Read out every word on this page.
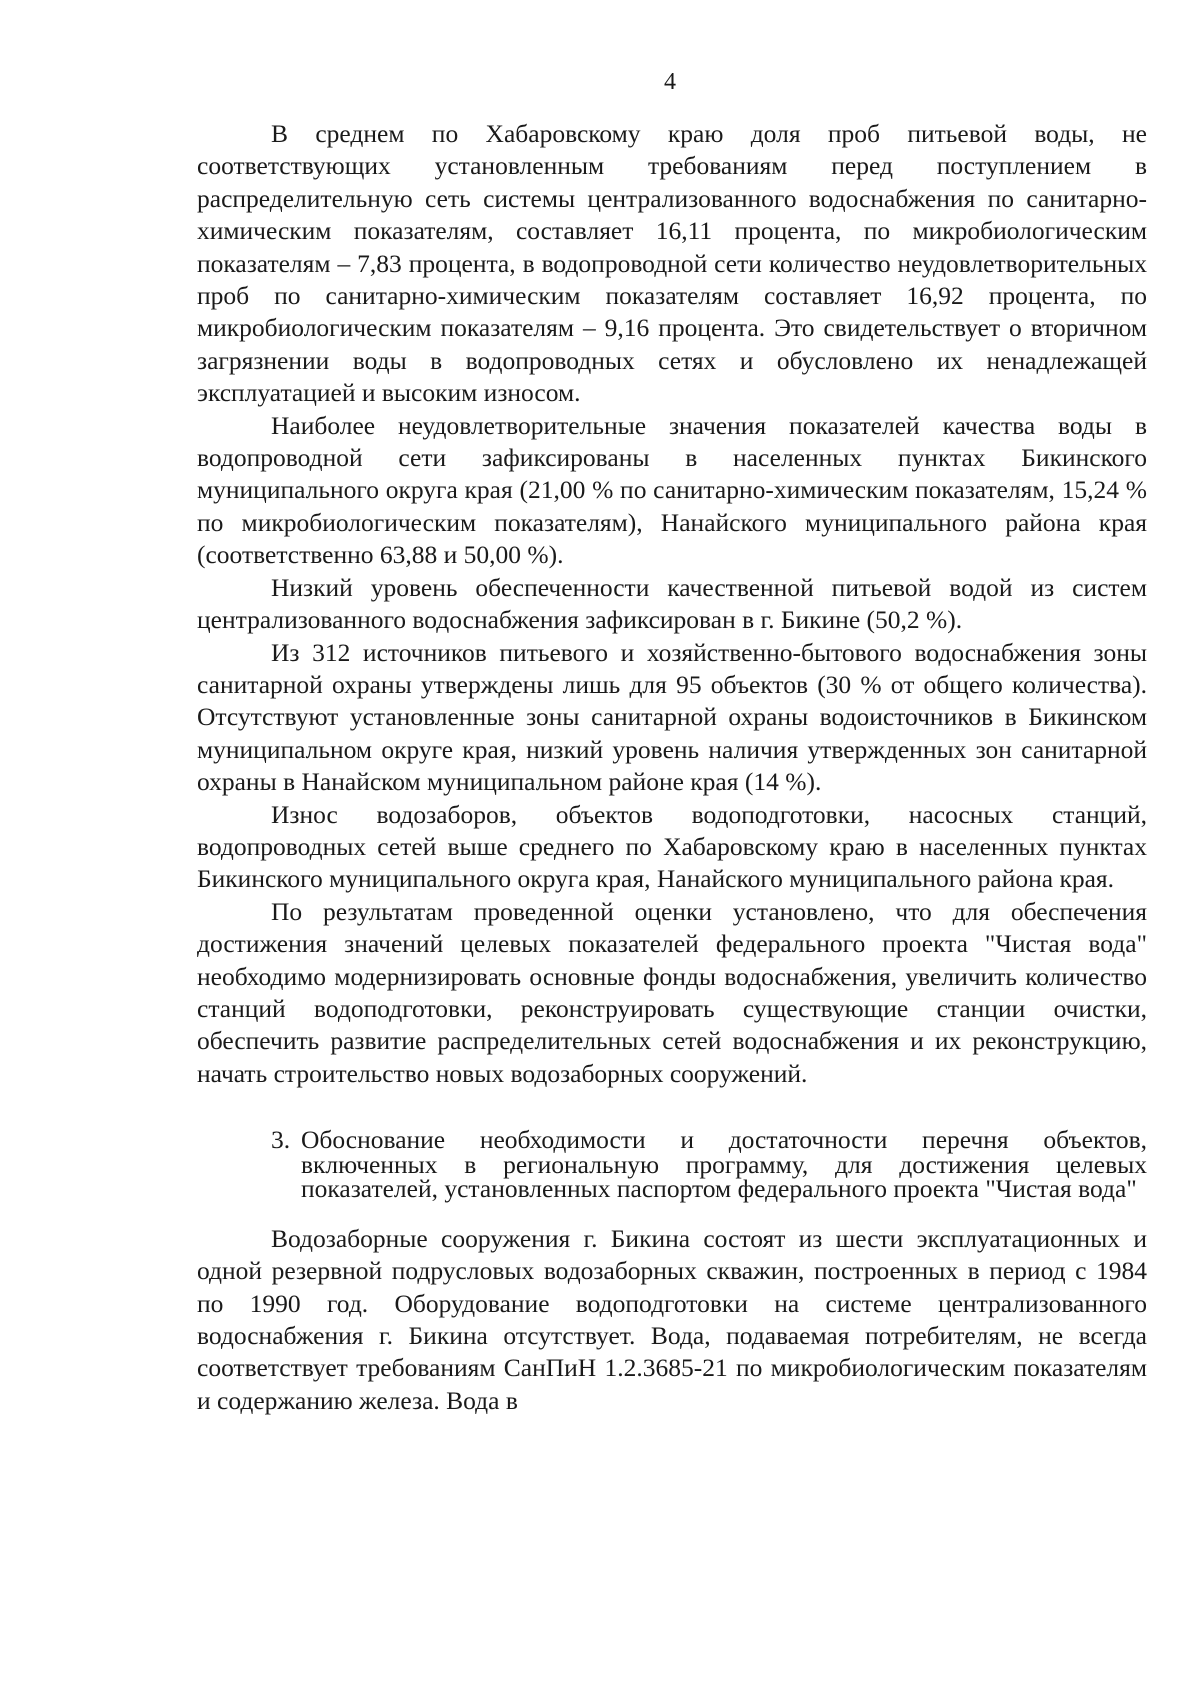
4

В среднем по Хабаровскому краю доля проб питьевой воды, не соответствующих установленным требованиям перед поступлением в распределительную сеть системы централизованного водоснабжения по санитарно-химическим показателям, составляет 16,11 процента, по микробиологическим показателям – 7,83 процента, в водопроводной сети количество неудовлетворительных проб по санитарно-химическим показателям составляет 16,92 процента, по микробиологическим показателям – 9,16 процента. Это свидетельствует о вторичном загрязнении воды в водопроводных сетях и обусловлено их ненадлежащей эксплуатацией и высоким износом.

Наиболее неудовлетворительные значения показателей качества воды в водопроводной сети зафиксированы в населенных пунктах Бикинского муниципального округа края (21,00 % по санитарно-химическим показателям, 15,24 % по микробиологическим показателям), Нанайского муниципального района края (соответственно 63,88 и 50,00 %).

Низкий уровень обеспеченности качественной питьевой водой из систем централизованного водоснабжения зафиксирован в г. Бикине (50,2 %).

Из 312 источников питьевого и хозяйственно-бытового водоснабжения зоны санитарной охраны утверждены лишь для 95 объектов (30 % от общего количества). Отсутствуют установленные зоны санитарной охраны водоисточников в Бикинском муниципальном округе края, низкий уровень наличия утвержденных зон санитарной охраны в Нанайском муниципальном районе края (14 %).

Износ водозаборов, объектов водоподготовки, насосных станций, водопроводных сетей выше среднего по Хабаровскому краю в населенных пунктах Бикинского муниципального округа края, Нанайского муниципального района края.

По результатам проведенной оценки установлено, что для обеспечения достижения значений целевых показателей федерального проекта "Чистая вода" необходимо модернизировать основные фонды водоснабжения, увеличить количество станций водоподготовки, реконструировать существующие станции очистки, обеспечить развитие распределительных сетей водоснабжения и их реконструкцию, начать строительство новых водозаборных сооружений.

3. Обоснование необходимости и достаточности перечня объектов, включенных в региональную программу, для достижения целевых показателей, установленных паспортом федерального проекта "Чистая вода"

Водозаборные сооружения г. Бикина состоят из шести эксплуатационных и одной резервной подрусловых водозаборных скважин, построенных в период с 1984 по 1990 год. Оборудование водоподготовки на системе централизованного водоснабжения г. Бикина отсутствует. Вода, подаваемая потребителям, не всегда соответствует требованиям СанПиН 1.2.3685-21 по микробиологическим показателям и содержанию железа. Вода в
